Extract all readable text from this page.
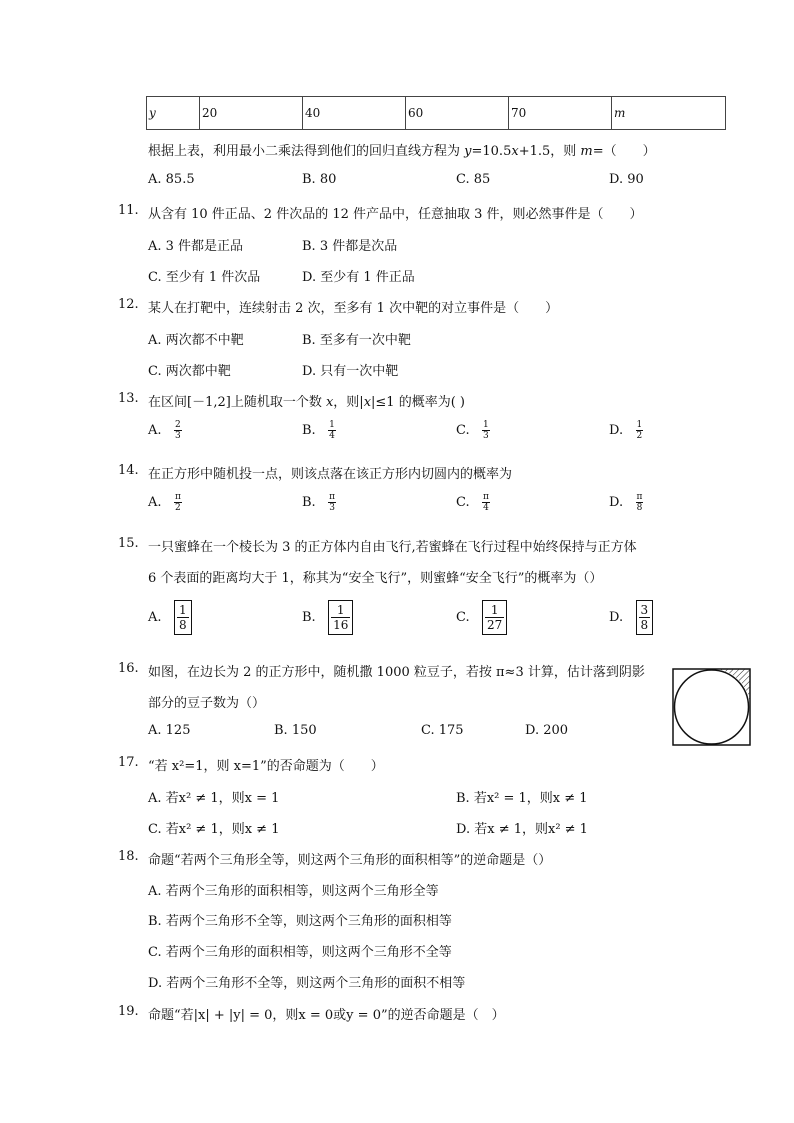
y	20	40	60	70	m
根据上表，利用最小二乘法得到他们的回归直线方程为 y=10.5x+1.5，则 m=（　　）
A. 85.5	B. 80	C. 85	D. 90
11. 从含有 10 件正品、2 件次品的 12 件产品中，任意抽取 3 件，则必然事件是（　　）
A. 3 件都是正品	B. 3 件都是次品
C. 至少有 1 件次品	D. 至少有 1 件正品
12. 某人在打靶中，连续射击 2 次，至多有 1 次中靶的对立事件是（　　）
A. 两次都不中靶	B. 至多有一次中靶
C. 两次都中靶	D. 只有一次中靶
13. 在区间[－1,2]上随机取一个数 x，则|x|≤1 的概率为( )
A. $\frac{2}{3}$	B. $\frac{1}{4}$	C. $\frac{1}{3}$	D. $\frac{1}{2}$
14. 在正方形中随机投一点，则该点落在该正方形内切圆内的概率为
A. $\frac{\pi}{2}$	B. $\frac{\pi}{3}$	C. $\frac{\pi}{4}$	D. $\frac{\pi}{8}$
15. 一只蜜蜂在一个棱长为 3 的正方体内自由飞行,若蜜蜂在飞行过程中始终保持与正方体
6 个表面的距离均大于 1，称其为“安全飞行”，则蜜蜂“安全飞行”的概率为（）
A. $\frac{1}{8}$	B. $\frac{1}{16}$	C. $\frac{1}{27}$	D. $\frac{3}{8}$
16. 如图，在边长为 2 的正方形中，随机撒 1000 粒豆子，若按 π≈3 计算，估计落到阴影
部分的豆子数为（）
A. 125	B. 150	C. 175	D. 200
17. “若 x²=1，则 x=1”的否命题为（　　）
A. 若x² ≠ 1，则x = 1	B. 若x² = 1，则x ≠ 1
C. 若x² ≠ 1，则x ≠ 1	D. 若x ≠ 1，则x² ≠ 1
18. 命题“若两个三角形全等，则这两个三角形的面积相等”的逆命题是（）
A. 若两个三角形的面积相等，则这两个三角形全等
B. 若两个三角形不全等，则这两个三角形的面积相等
C. 若两个三角形的面积相等，则这两个三角形不全等
D. 若两个三角形不全等，则这两个三角形的面积不相等
19. 命题“若|x| + |y| = 0，则x = 0或y = 0”的逆否命题是（　）
